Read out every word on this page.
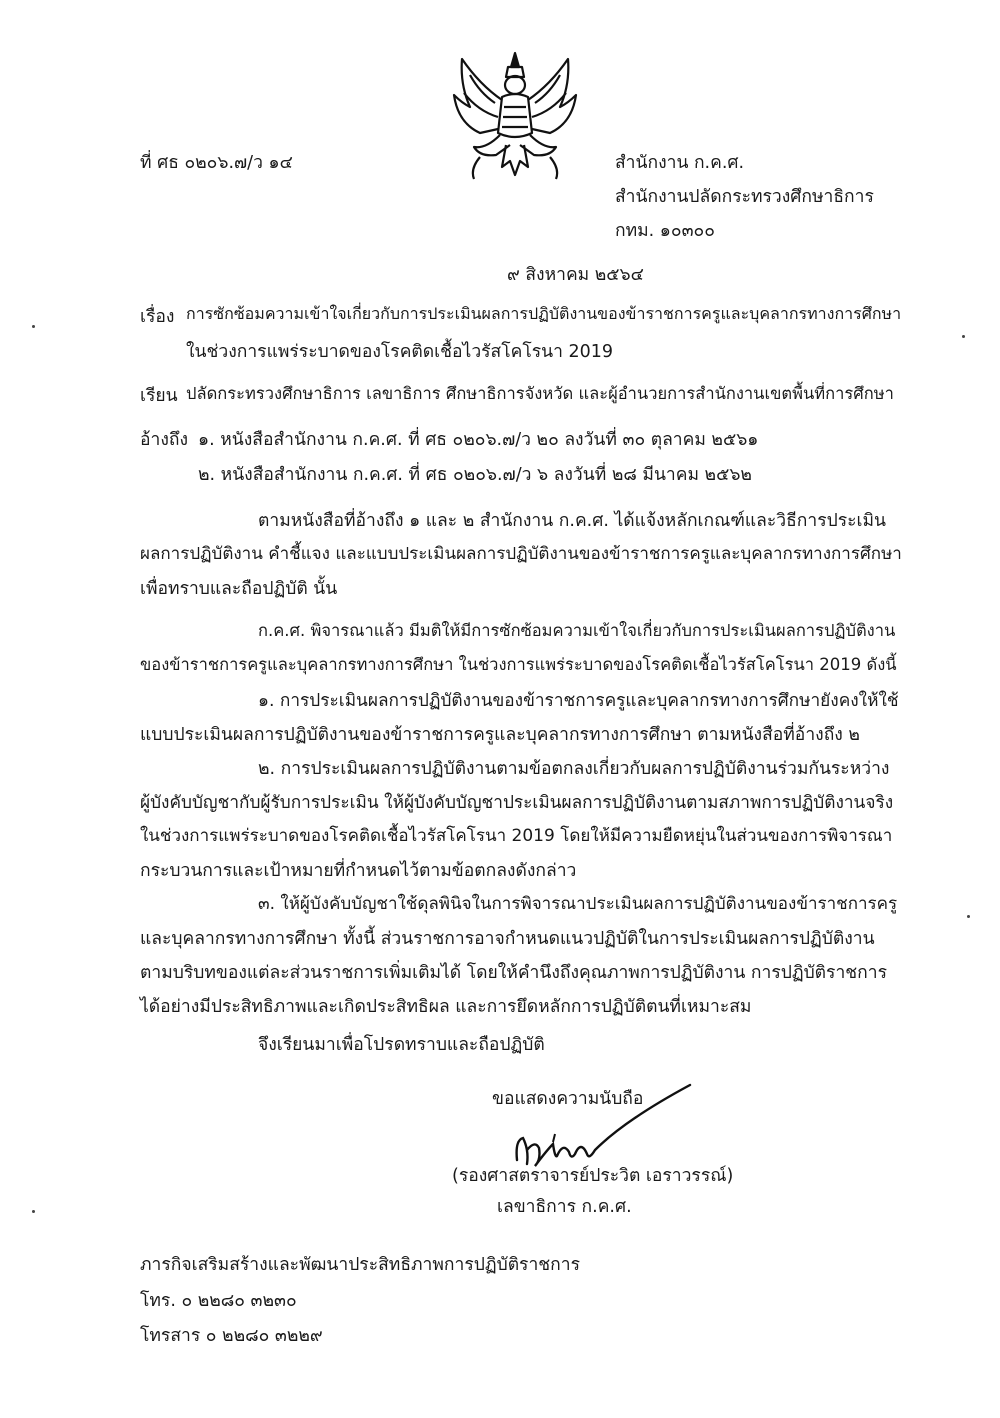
ที่ ศธ ๐๒๐๖.๗/ว ๑๔	สำนักงาน ก.ค.ศ.
สำนักงานปลัดกระทรวงศึกษาธิการ
กทม. ๑๐๓๐๐
๙ สิงหาคม ๒๕๖๔
เรื่อง การซักซ้อมความเข้าใจเกี่ยวกับการประเมินผลการปฏิบัติงานของข้าราชการครูและบุคลากรทางการศึกษา
ในช่วงการแพร่ระบาดของโรคติดเชื้อไวรัสโคโรนา 2019
เรียน ปลัดกระทรวงศึกษาธิการ เลขาธิการ ศึกษาธิการจังหวัด และผู้อำนวยการสำนักงานเขตพื้นที่การศึกษา
อ้างถึง ๑. หนังสือสำนักงาน ก.ค.ศ. ที่ ศธ ๐๒๐๖.๗/ว ๒๐ ลงวันที่ ๓๐ ตุลาคม ๒๕๖๑
๒. หนังสือสำนักงาน ก.ค.ศ. ที่ ศธ ๐๒๐๖.๗/ว ๖ ลงวันที่ ๒๘ มีนาคม ๒๕๖๒
ตามหนังสือที่อ้างถึง ๑ และ ๒ สำนักงาน ก.ค.ศ. ได้แจ้งหลักเกณฑ์และวิธีการประเมิน
ผลการปฏิบัติงาน คำชี้แจง และแบบประเมินผลการปฏิบัติงานของข้าราชการครูและบุคลากรทางการศึกษา
เพื่อทราบและถือปฏิบัติ นั้น
ก.ค.ศ. พิจารณาแล้ว มีมติให้มีการซักซ้อมความเข้าใจเกี่ยวกับการประเมินผลการปฏิบัติงาน
ของข้าราชการครูและบุคลากรทางการศึกษา ในช่วงการแพร่ระบาดของโรคติดเชื้อไวรัสโคโรนา 2019 ดังนี้
๑. การประเมินผลการปฏิบัติงานของข้าราชการครูและบุคลากรทางการศึกษายังคงให้ใช้
แบบประเมินผลการปฏิบัติงานของข้าราชการครูและบุคลากรทางการศึกษา ตามหนังสือที่อ้างถึง ๒
๒. การประเมินผลการปฏิบัติงานตามข้อตกลงเกี่ยวกับผลการปฏิบัติงานร่วมกันระหว่าง
ผู้บังคับบัญชากับผู้รับการประเมิน ให้ผู้บังคับบัญชาประเมินผลการปฏิบัติงานตามสภาพการปฏิบัติงานจริง
ในช่วงการแพร่ระบาดของโรคติดเชื้อไวรัสโคโรนา 2019 โดยให้มีความยืดหยุ่นในส่วนของการพิจารณา
กระบวนการและเป้าหมายที่กำหนดไว้ตามข้อตกลงดังกล่าว
๓. ให้ผู้บังคับบัญชาใช้ดุลพินิจในการพิจารณาประเมินผลการปฏิบัติงานของข้าราชการครู
และบุคลากรทางการศึกษา ทั้งนี้ ส่วนราชการอาจกำหนดแนวปฏิบัติในการประเมินผลการปฏิบัติงาน
ตามบริบทของแต่ละส่วนราชการเพิ่มเติมได้ โดยให้คำนึงถึงคุณภาพการปฏิบัติงาน การปฏิบัติราชการ
ได้อย่างมีประสิทธิภาพและเกิดประสิทธิผล และการยึดหลักการปฏิบัติตนที่เหมาะสม
จึงเรียนมาเพื่อโปรดทราบและถือปฏิบัติ
ขอแสดงความนับถือ
(รองศาสตราจารย์ประวิต เอราวรรณ์)
เลขาธิการ ก.ค.ศ.
ภารกิจเสริมสร้างและพัฒนาประสิทธิภาพการปฏิบัติราชการ
โทร. ๐ ๒๒๘๐ ๓๒๓๐
โทรสาร ๐ ๒๒๘๐ ๓๒๒๙
